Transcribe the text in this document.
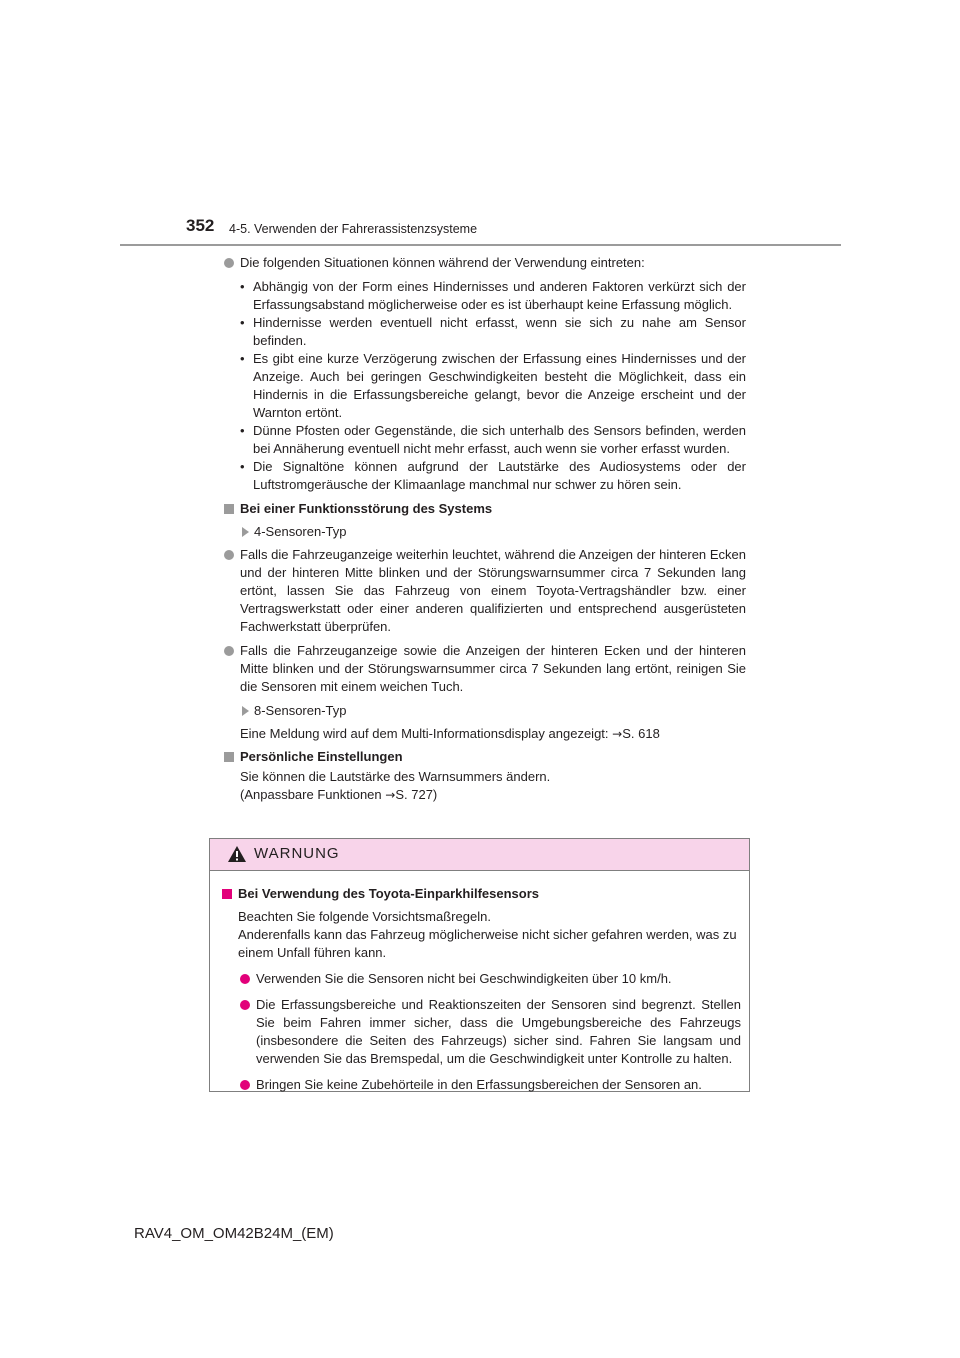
352 4-5. Verwenden der Fahrerassistenzsysteme
Die folgenden Situationen können während der Verwendung eintreten:
• Abhängig von der Form eines Hindernisses und anderen Faktoren verkürzt sich der Erfassungsabstand möglicherweise oder es ist überhaupt keine Erfassung möglich.
• Hindernisse werden eventuell nicht erfasst, wenn sie sich zu nahe am Sensor befinden.
• Es gibt eine kurze Verzögerung zwischen der Erfassung eines Hindernisses und der Anzeige. Auch bei geringen Geschwindigkeiten besteht die Möglichkeit, dass ein Hindernis in die Erfassungsbereiche gelangt, bevor die Anzeige erscheint und der Warnton ertönt.
• Dünne Pfosten oder Gegenstände, die sich unterhalb des Sensors befinden, werden bei Annäherung eventuell nicht mehr erfasst, auch wenn sie vorher erfasst wurden.
• Die Signaltöne können aufgrund der Lautstärke des Audiosystems oder der Luftstromgeräusche der Klimaanlage manchmal nur schwer zu hören sein.
Bei einer Funktionsstörung des Systems
4-Sensoren-Typ
Falls die Fahrzeuganzeige weiterhin leuchtet, während die Anzeigen der hinteren Ecken und der hinteren Mitte blinken und der Störungswarnsummer circa 7 Sekunden lang ertönt, lassen Sie das Fahrzeug von einem Toyota-Vertragshändler bzw. einer Vertragswerkstatt oder einer anderen qualifizierten und entsprechend ausgerüsteten Fachwerkstatt überprüfen.
Falls die Fahrzeuganzeige sowie die Anzeigen der hinteren Ecken und der hinteren Mitte blinken und der Störungswarnsummer circa 7 Sekunden lang ertönt, reinigen Sie die Sensoren mit einem weichen Tuch.
8-Sensoren-Typ
Eine Meldung wird auf dem Multi-Informationsdisplay angezeigt: →S. 618
Persönliche Einstellungen
Sie können die Lautstärke des Warnsummers ändern.
(Anpassbare Funktionen →S. 727)
WARNUNG
Bei Verwendung des Toyota-Einparkhilfesensors
Beachten Sie folgende Vorsichtsmaßregeln.
Anderenfalls kann das Fahrzeug möglicherweise nicht sicher gefahren werden, was zu einem Unfall führen kann.
Verwenden Sie die Sensoren nicht bei Geschwindigkeiten über 10 km/h.
Die Erfassungsbereiche und Reaktionszeiten der Sensoren sind begrenzt. Stellen Sie beim Fahren immer sicher, dass die Umgebungsbereiche des Fahrzeugs (insbesondere die Seiten des Fahrzeugs) sicher sind. Fahren Sie langsam und verwenden Sie das Bremspedal, um die Geschwindigkeit unter Kontrolle zu halten.
Bringen Sie keine Zubehörteile in den Erfassungsbereichen der Sensoren an.
RAV4_OM_OM42B24M_(EM)
